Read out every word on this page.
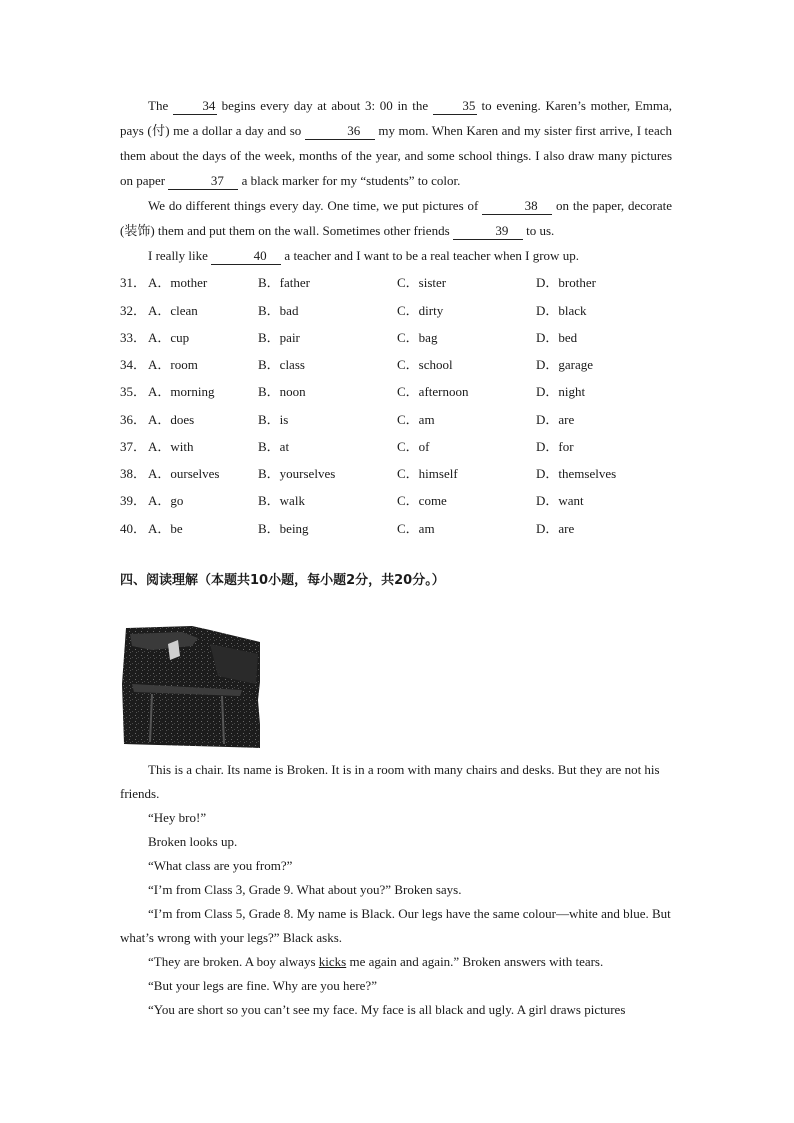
The 34 begins every day at about 3: 00 in the 35 to evening. Karen’s mother, Emma, pays (付) me a dollar a day and so	36 my mom. When Karen and my sister first arrive, I teach them about the days of the week, months of the year, and some school things. I also draw many pictures on paper	37 a black marker for my “students” to color.
We do different things every day. One time, we put pictures of	38 on the paper, decorate (装饰) them and put them on the wall. Sometimes other friends	39 to us.
I really like	40 a teacher and I want to be a real teacher when I grow up.
31． A．mother	B．father	C．sister	D．brother
32． A．clean	B．bad	C．dirty	D．black
33． A．cup	B．pair	C．bag	D．bed
34． A．room	B．class	C．school	D．garage
35． A．morning	B．noon	C．afternoon	D．night
36． A．does	B．is	C．am	D．are
37． A．with	B．at	C．of	D．for
38． A．ourselves	B．yourselves	C．himself	D．themselves
39． A．go	B．walk	C．come	D．want
40． A．be	B．being	C．am	D．are
四、阅读理解（本题共10小题，每小题2分，共20分。）

This is a chair. Its name is Broken. It is in a room with many chairs and desks. But they are not his friends.

“Hey bro!”

Broken looks up.

“What class are you from?”

“I’m from Class 3, Grade 9. What about you?” Broken says.

“I’m from Class 5, Grade 8. My name is Black. Our legs have the same colour—white and blue. But what’s wrong with your legs?” Black asks.

“They are broken. A boy always kicks me again and again.” Broken answers with tears.

“But your legs are fine. Why are you here?”

“You are short so you can’t see my face. My face is all black and ugly. A girl draws pictures
